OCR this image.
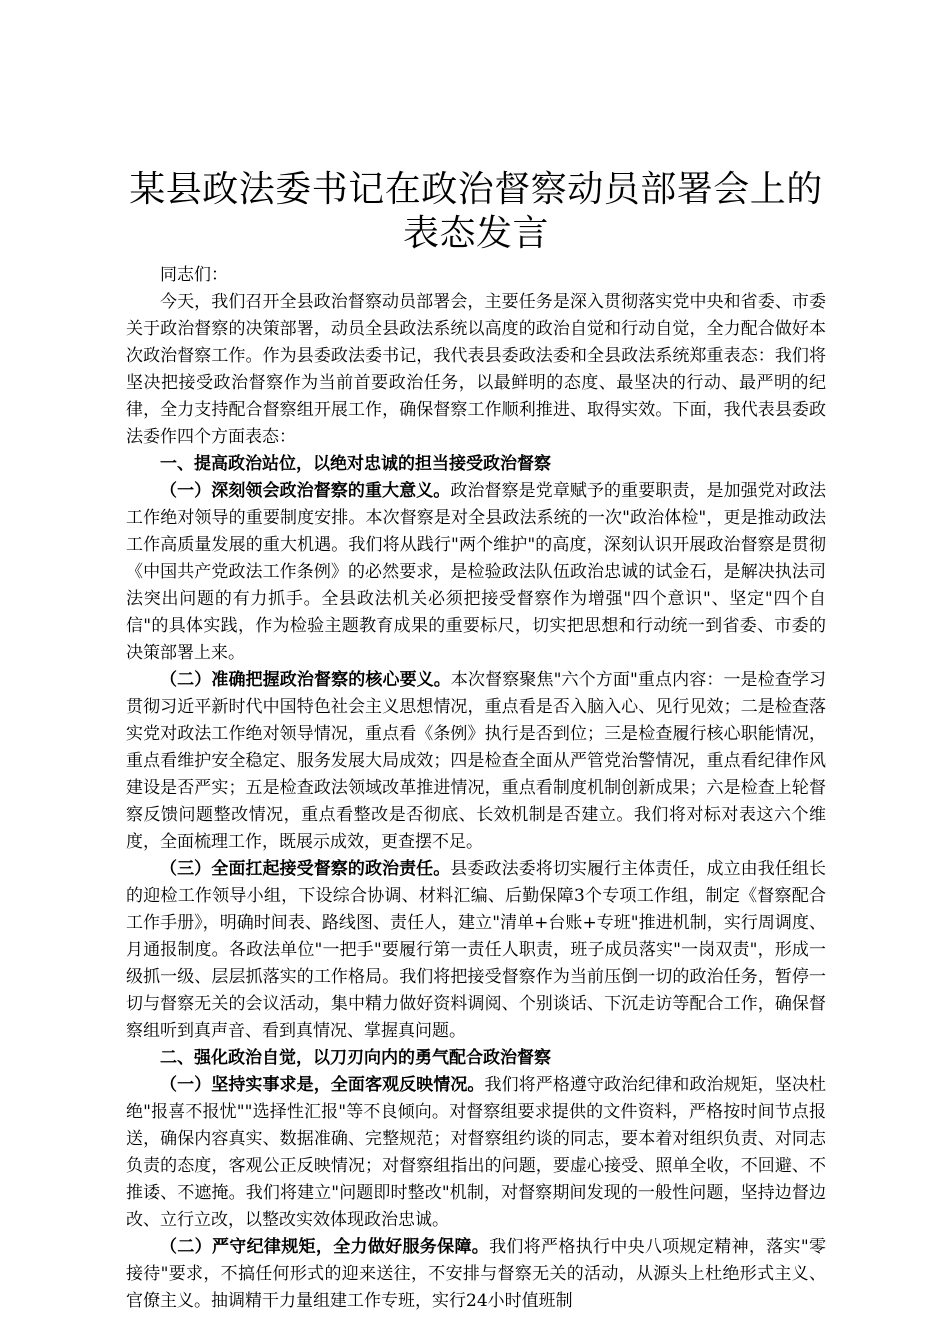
某县政法委书记在政治督察动员部署会上的表态发言

同志们：

今天，我们召开全县政治督察动员部署会，主要任务是深入贯彻落实党中央和省委、市委关于政治督察的决策部署，动员全县政法系统以高度的政治自觉和行动自觉，全力配合做好本次政治督察工作。作为县委政法委书记，我代表县委政法委和全县政法系统郑重表态：我们将坚决把接受政治督察作为当前首要政治任务，以最鲜明的态度、最坚决的行动、最严明的纪律，全力支持配合督察组开展工作，确保督察工作顺利推进、取得实效。下面，我代表县委政法委作四个方面表态：

一、提高政治站位，以绝对忠诚的担当接受政治督察

（一）深刻领会政治督察的重大意义。政治督察是党章赋予的重要职责，是加强党对政法工作绝对领导的重要制度安排。本次督察是对全县政法系统的一次"政治体检"，更是推动政法工作高质量发展的重大机遇。我们将从践行"两个维护"的高度，深刻认识开展政治督察是贯彻《中国共产党政法工作条例》的必然要求，是检验政法队伍政治忠诚的试金石，是解决执法司法突出问题的有力抓手。全县政法机关必须把接受督察作为增强"四个意识"、坚定"四个自信"的具体实践，作为检验主题教育成果的重要标尺，切实把思想和行动统一到省委、市委的决策部署上来。

（二）准确把握政治督察的核心要义。本次督察聚焦"六个方面"重点内容：一是检查学习贯彻习近平新时代中国特色社会主义思想情况，重点看是否入脑入心、见行见效；二是检查落实党对政法工作绝对领导情况，重点看《条例》执行是否到位；三是检查履行核心职能情况，重点看维护安全稳定、服务发展大局成效；四是检查全面从严管党治警情况，重点看纪律作风建设是否严实；五是检查政法领域改革推进情况，重点看制度机制创新成果；六是检查上轮督察反馈问题整改情况，重点看整改是否彻底、长效机制是否建立。我们将对标对表这六个维度，全面梳理工作，既展示成效，更查摆不足。

（三）全面扛起接受督察的政治责任。县委政法委将切实履行主体责任，成立由我任组长的迎检工作领导小组，下设综合协调、材料汇编、后勤保障3个专项工作组，制定《督察配合工作手册》，明确时间表、路线图、责任人，建立"清单+台账+专班"推进机制，实行周调度、月通报制度。各政法单位"一把手"要履行第一责任人职责，班子成员落实"一岗双责"，形成一级抓一级、层层抓落实的工作格局。我们将把接受督察作为当前压倒一切的政治任务，暂停一切与督察无关的会议活动，集中精力做好资料调阅、个别谈话、下沉走访等配合工作，确保督察组听到真声音、看到真情况、掌握真问题。

二、强化政治自觉，以刀刃向内的勇气配合政治督察

（一）坚持实事求是，全面客观反映情况。我们将严格遵守政治纪律和政治规矩，坚决杜绝"报喜不报忧""选择性汇报"等不良倾向。对督察组要求提供的文件资料，严格按时间节点报送，确保内容真实、数据准确、完整规范；对督察组约谈的同志，要本着对组织负责、对同志负责的态度，客观公正反映情况；对督察组指出的问题，要虚心接受、照单全收，不回避、不推诿、不遮掩。我们将建立"问题即时整改"机制，对督察期间发现的一般性问题，坚持边督边改、立行立改，以整改实效体现政治忠诚。

（二）严守纪律规矩，全力做好服务保障。我们将严格执行中央八项规定精神，落实"零接待"要求，不搞任何形式的迎来送往，不安排与督察无关的活动，从源头上杜绝形式主义、官僚主义。抽调精干力量组建工作专班，实行24小时值班制
